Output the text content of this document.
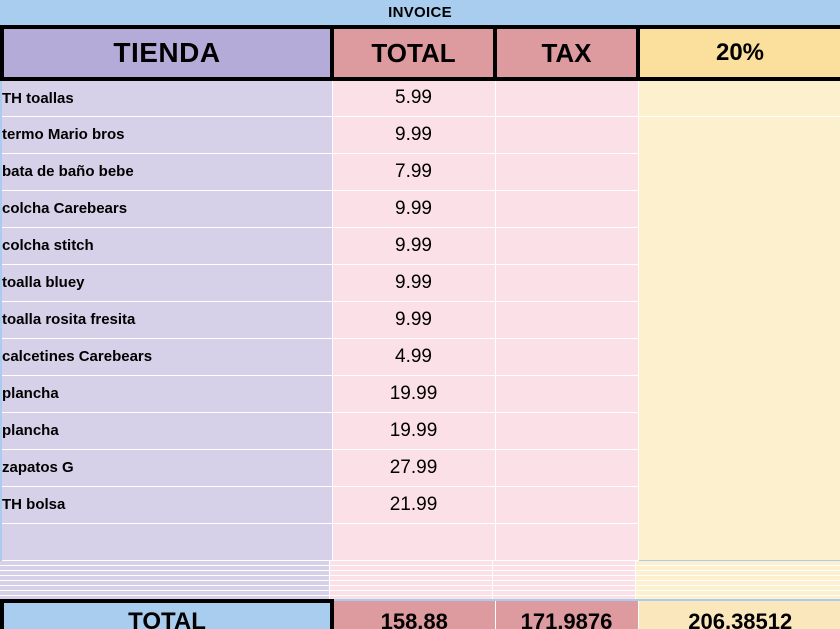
INVOICE
TIENDA	TOTAL	TAX	20%
TH toallas	5.99		
termo Mario bros	9.99		
bata de baño bebe	7.99		
colcha Carebears	9.99		
colcha stitch	9.99		
toalla bluey	9.99		
toalla rosita fresita	9.99		
calcetines Carebears	4.99		
plancha	19.99		
plancha	19.99		
zapatos G	27.99		
TH bolsa	21.99		

TOTAL	158.88	171.9876	206.38512
